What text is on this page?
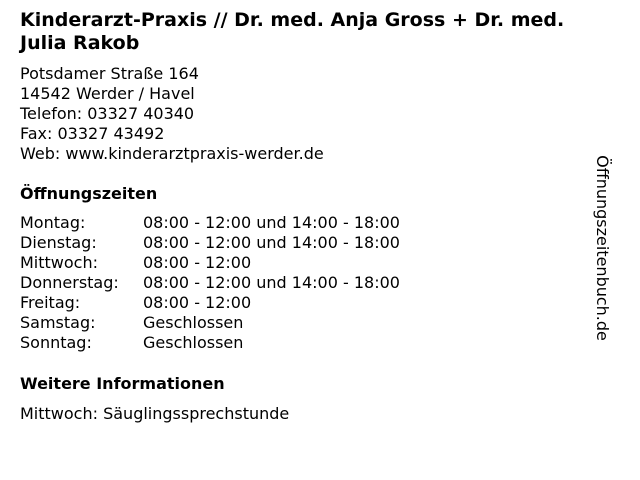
Kinderarzt-Praxis // Dr. med. Anja Gross + Dr. med. Julia Rakob
Potsdamer Straße 164
14542 Werder / Havel
Telefon: 03327 40340
Fax: 03327 43492
Web: www.kinderarztpraxis-werder.de
Öffnungszeiten
Montag:	08:00 - 12:00 und 14:00 - 18:00
Dienstag:	08:00 - 12:00 und 14:00 - 18:00
Mittwoch:	08:00 - 12:00
Donnerstag:	08:00 - 12:00 und 14:00 - 18:00
Freitag:	08:00 - 12:00
Samstag:	Geschlossen
Sonntag:	Geschlossen
Weitere Informationen
Mittwoch: Säuglingssprechstunde
Öffnungszeitenbuch.de
